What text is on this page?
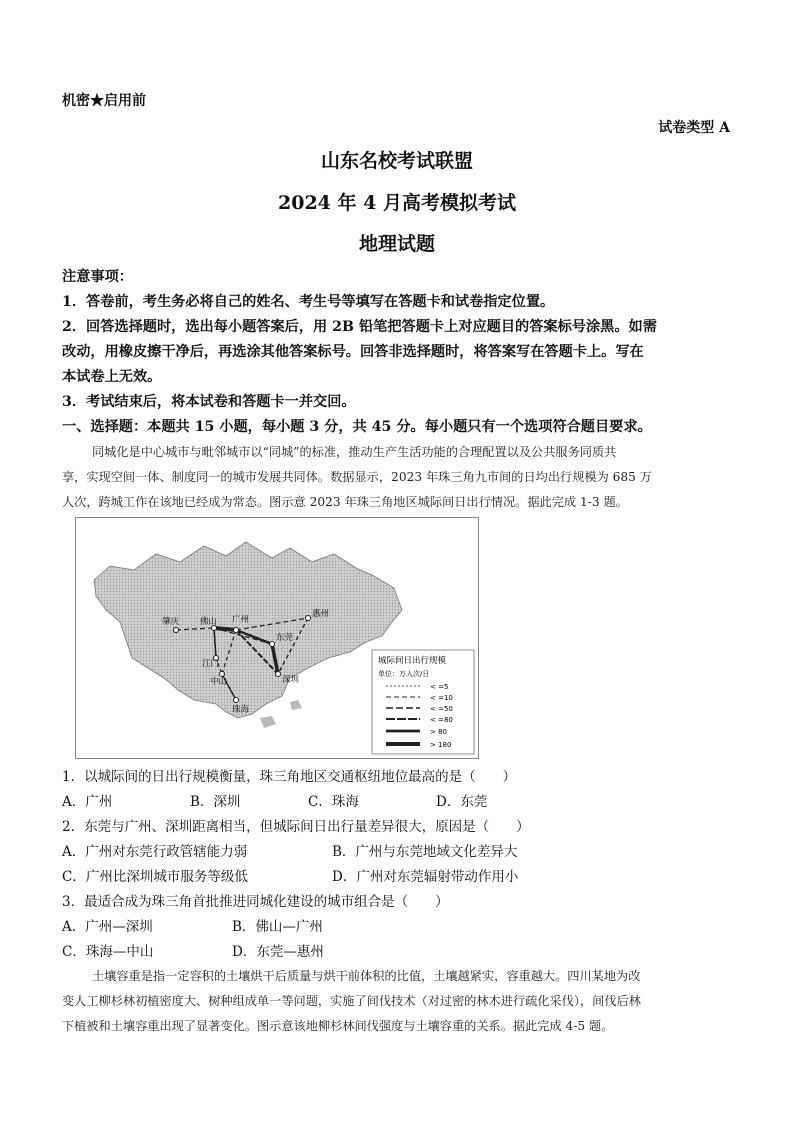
机密★启用前
试卷类型 A
山东名校考试联盟
2024 年 4 月高考模拟考试
地理试题
注意事项：
1．答卷前，考生务必将自己的姓名、考生号等填写在答题卡和试卷指定位置。
2．回答选择题时，选出每小题答案后，用 2B 铅笔把答题卡上对应题目的答案标号涂黑。如需
改动，用橡皮擦干净后，再选涂其他答案标号。回答非选择题时，将答案写在答题卡上。写在
本试卷上无效。
3．考试结束后，将本试卷和答题卡一并交回。
一、选择题：本题共 15 小题，每小题 3 分，共 45 分。每小题只有一个选项符合题目要求。
同城化是中心城市与毗邻城市以“同城”的标准，推动生产生活功能的合理配置以及公共服务同质共
享，实现空间一体、制度同一的城市发展共同体。数据显示，2023 年珠三角九市间的日均出行规模为 685 万
人次，跨城工作在该地已经成为常态。图示意 2023 年珠三角地区城际间日出行情况。据此完成 1-3 题。
肇庆 佛山 广州
惠州
东莞
江门
中山	深圳
珠海
城际间日出行规模
单位：万人次/日
< =5
< =10
< =50
< =80
> 80
> 180
1．以城际间的日出行规模衡量，珠三角地区交通枢纽地位最高的是（　　）
A．广州	B．深圳	C．珠海	D．东莞
2．东莞与广州、深圳距离相当，但城际间日出行量差异很大，原因是（　　）
A．广州对东莞行政管辖能力弱	B．广州与东莞地域文化差异大
C．广州比深圳城市服务等级低	D．广州对东莞辐射带动作用小
3．最适合成为珠三角首批推进同城化建设的城市组合是（　　）
A．广州—深圳	B．佛山—广州
C．珠海—中山	D．东莞—惠州
土壤容重是指一定容积的土壤烘干后质量与烘干前体积的比值，土壤越紧实，容重越大。四川某地为改
变人工柳杉林初植密度大、树种组成单一等问题，实施了间伐技术（对过密的林木进行疏化采伐），间伐后林
下植被和土壤容重出现了显著变化。图示意该地柳杉林间伐强度与土壤容重的关系。据此完成 4-5 题。
